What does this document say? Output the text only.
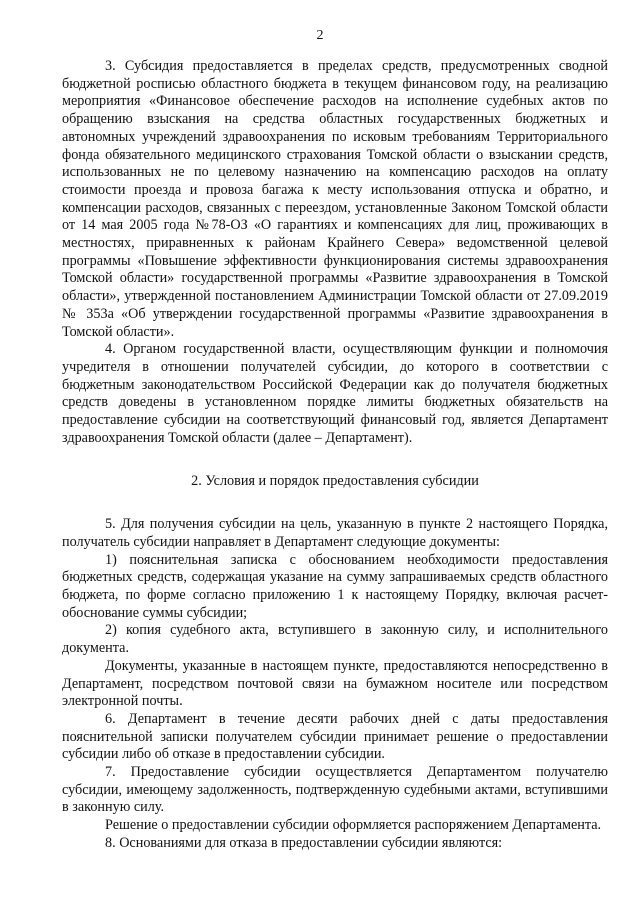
2

3. Субсидия предоставляется в пределах средств, предусмотренных сводной бюджетной росписью областного бюджета в текущем финансовом году, на реализацию мероприятия «Финансовое обеспечение расходов на исполнение судебных актов по обращению взыскания на средства областных государственных бюджетных и автономных учреждений здравоохранения по исковым требованиям Территориального фонда обязательного медицинского страхования Томской области о взыскании средств, использованных не по целевому назначению на компенсацию расходов на оплату стоимости проезда и провоза багажа к месту использования отпуска и обратно, и компенсации расходов, связанных с переездом, установленные Законом Томской области от 14 мая 2005 года №78-ОЗ «О гарантиях и компенсациях для лиц, проживающих в местностях, приравненных к районам Крайнего Севера» ведомственной целевой программы «Повышение эффективности функционирования системы здравоохранения Томской области» государственной программы «Развитие здравоохранения в Томской области», утвержденной постановлением Администрации Томской области от 27.09.2019 № 353а «Об утверждении государственной программы «Развитие здравоохранения в Томской области».

4. Органом государственной власти, осуществляющим функции и полномочия учредителя в отношении получателей субсидии, до которого в соответствии с бюджетным законодательством Российской Федерации как до получателя бюджетных средств доведены в установленном порядке лимиты бюджетных обязательств на предоставление субсидии на соответствующий финансовый год, является Департамент здравоохранения Томской области (далее – Департамент).

2. Условия и порядок предоставления субсидии

5. Для получения субсидии на цель, указанную в пункте 2 настоящего Порядка, получатель субсидии направляет в Департамент следующие документы:

1) пояснительная записка с обоснованием необходимости предоставления бюджетных средств, содержащая указание на сумму запрашиваемых средств областного бюджета, по форме согласно приложению 1 к настоящему Порядку, включая расчет-обоснование суммы субсидии;

2) копия судебного акта, вступившего в законную силу, и исполнительного документа.

Документы, указанные в настоящем пункте, предоставляются непосредственно в Департамент, посредством почтовой связи на бумажном носителе или посредством электронной почты.

6. Департамент в течение десяти рабочих дней с даты предоставления пояснительной записки получателем субсидии принимает решение о предоставлении субсидии либо об отказе в предоставлении субсидии.

7. Предоставление субсидии осуществляется Департаментом получателю субсидии, имеющему задолженность, подтвержденную судебными актами, вступившими в законную силу.

Решение о предоставлении субсидии оформляется распоряжением Департамента.

8. Основаниями для отказа в предоставлении субсидии являются:
